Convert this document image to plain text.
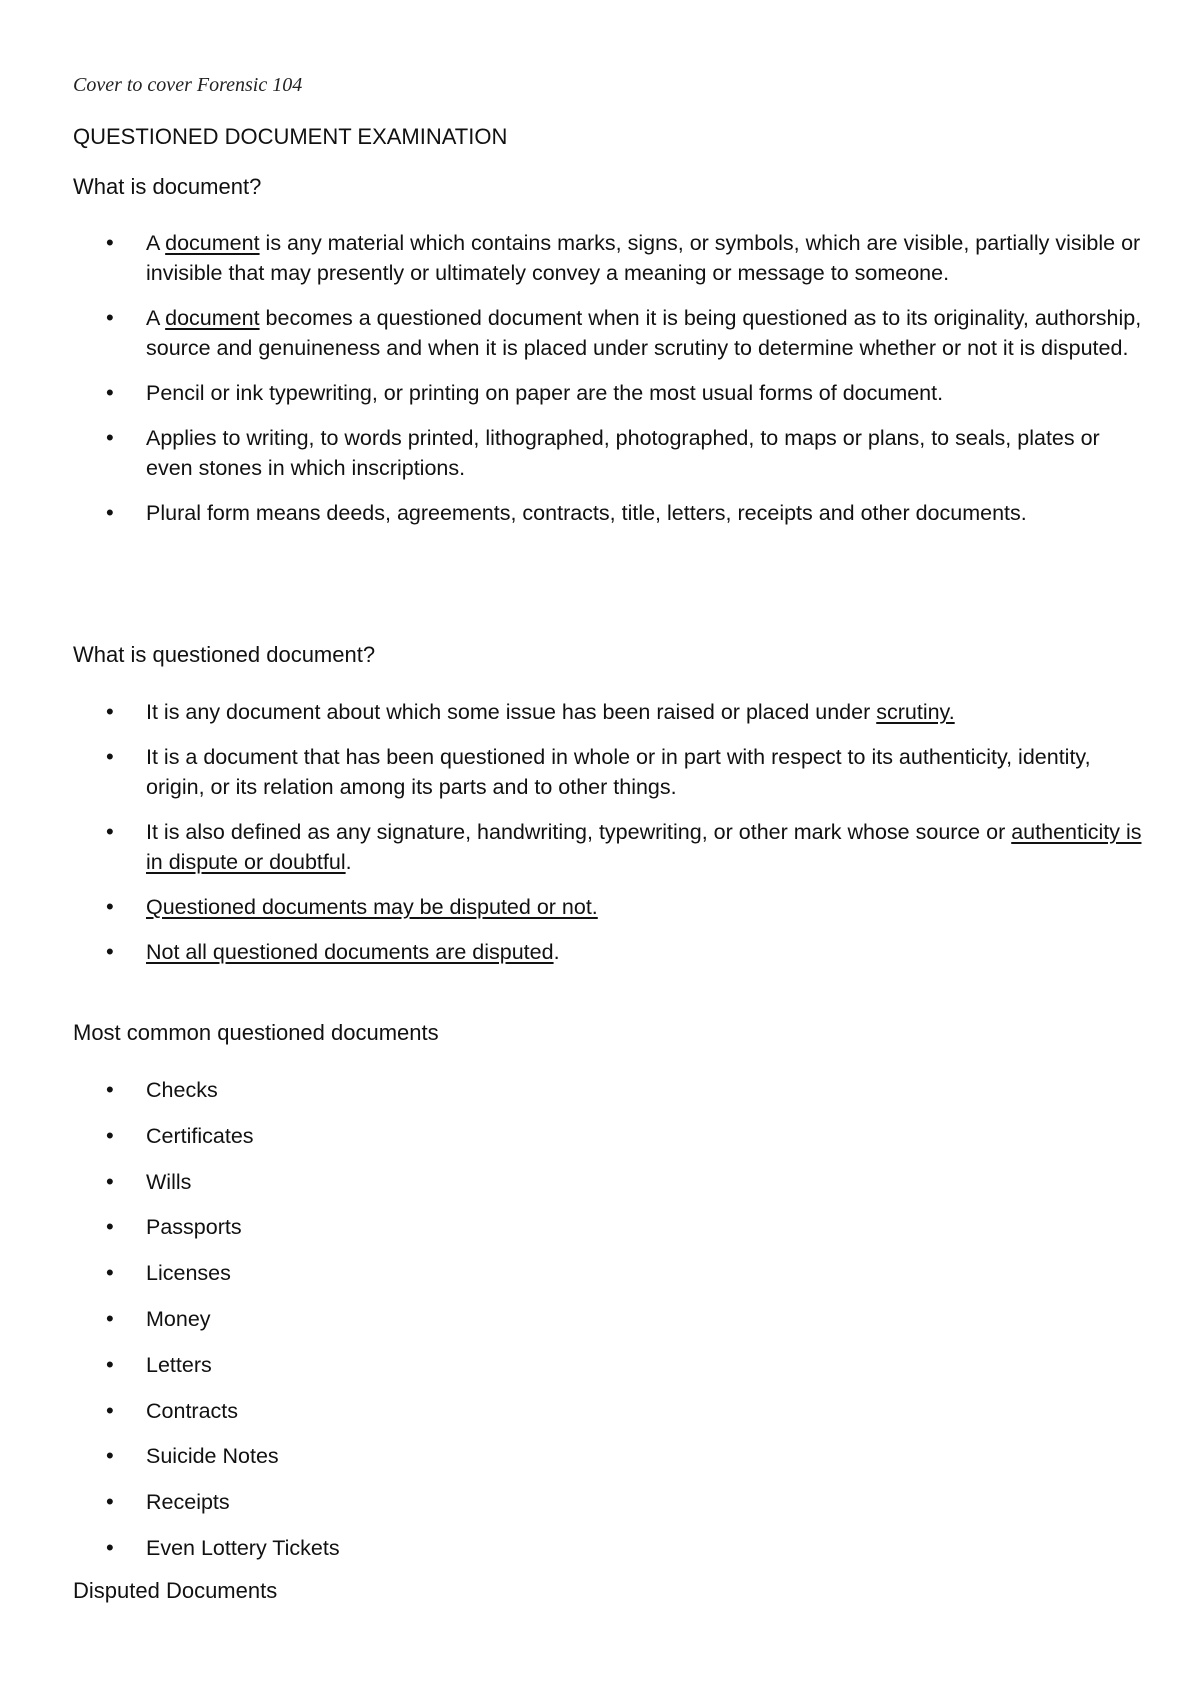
Cover to cover Forensic 104
QUESTIONED DOCUMENT EXAMINATION
What is document?
• A document is any material which contains marks, signs, or symbols, which are visible, partially visible or invisible that may presently or ultimately convey a meaning or message to someone.
• A document becomes a questioned document when it is being questioned as to its originality, authorship, source and genuineness and when it is placed under scrutiny to determine whether or not it is disputed.
• Pencil or ink typewriting, or printing on paper are the most usual forms of document.
• Applies to writing, to words printed, lithographed, photographed, to maps or plans, to seals, plates or even stones in which inscriptions.
• Plural form means deeds, agreements, contracts, title, letters, receipts and other documents.
What is questioned document?
• It is any document about which some issue has been raised or placed under scrutiny.
• It is a document that has been questioned in whole or in part with respect to its authenticity, identity, origin, or its relation among its parts and to other things.
• It is also defined as any signature, handwriting, typewriting, or other mark whose source or authenticity is in dispute or doubtful.
• Questioned documents may be disputed or not.
• Not all questioned documents are disputed.
Most common questioned documents
• Checks
• Certificates
• Wills
• Passports
• Licenses
• Money
• Letters
• Contracts
• Suicide Notes
• Receipts
• Even Lottery Tickets
Disputed Documents
